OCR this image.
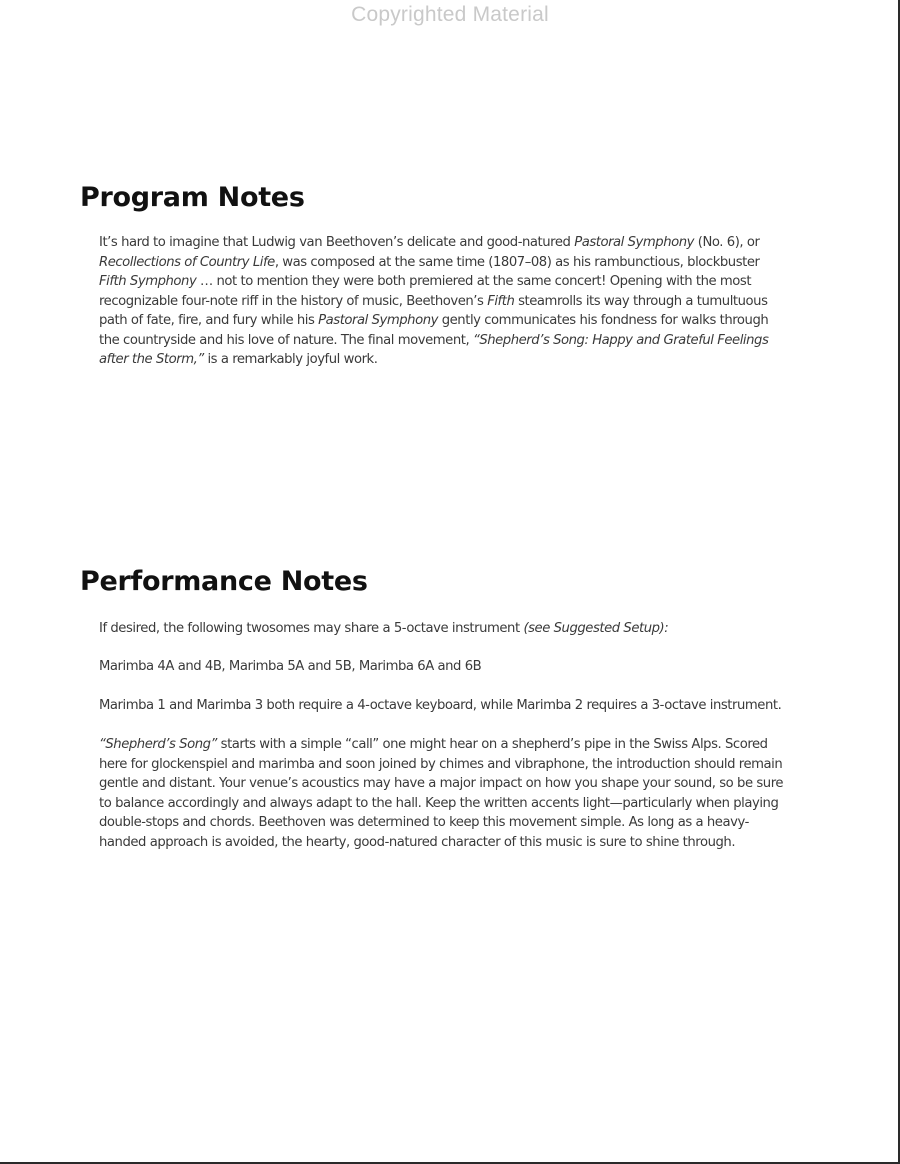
Copyrighted Material
Program Notes

It’s hard to imagine that Ludwig van Beethoven’s delicate and good-natured Pastoral Symphony (No. 6), or
Recollections of Country Life, was composed at the same time (1807–08) as his rambunctious, blockbuster
Fifth Symphony … not to mention they were both premiered at the same concert! Opening with the most
recognizable four-note riff in the history of music, Beethoven’s Fifth steamrolls its way through a tumultuous
path of fate, fire, and fury while his Pastoral Symphony gently communicates his fondness for walks through
the countryside and his love of nature. The final movement, “Shepherd’s Song: Happy and Grateful Feelings
after the Storm,” is a remarkably joyful work.

Performance Notes

If desired, the following twosomes may share a 5-octave instrument (see Suggested Setup):

Marimba 4A and 4B, Marimba 5A and 5B, Marimba 6A and 6B

Marimba 1 and Marimba 3 both require a 4-octave keyboard, while Marimba 2 requires a 3-octave instrument.

“Shepherd’s Song” starts with a simple “call” one might hear on a shepherd’s pipe in the Swiss Alps. Scored
here for glockenspiel and marimba and soon joined by chimes and vibraphone, the introduction should remain
gentle and distant. Your venue’s acoustics may have a major impact on how you shape your sound, so be sure
to balance accordingly and always adapt to the hall. Keep the written accents light—particularly when playing
double-stops and chords. Beethoven was determined to keep this movement simple. As long as a heavy-
handed approach is avoided, the hearty, good-natured character of this music is sure to shine through.
